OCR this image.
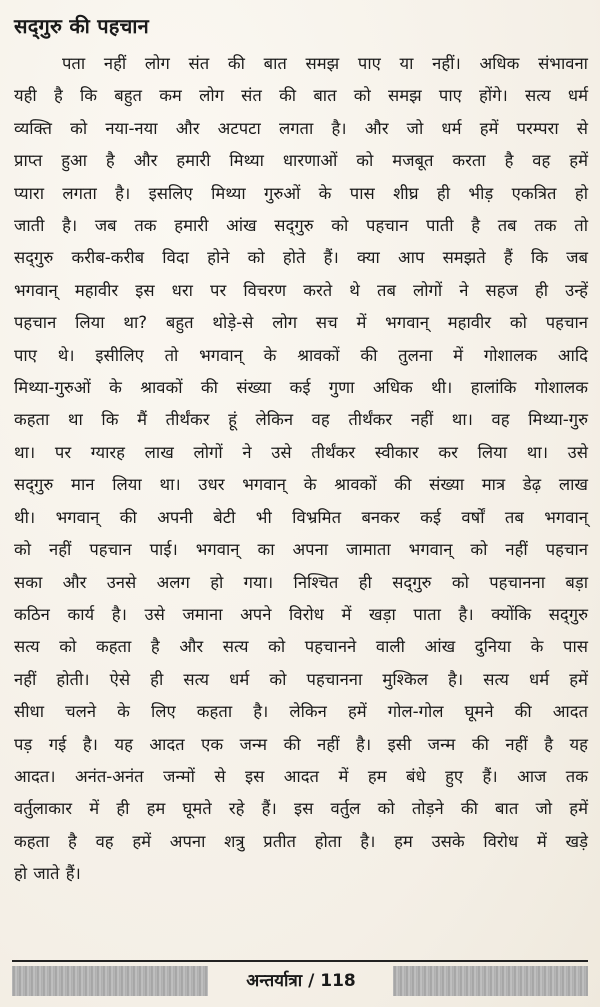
सद्‌गुरु की पहचान
पता नहीं लोग संत की बात समझ पाए या नहीं। अधिक संभावना
यही है कि बहुत कम लोग संत की बात को समझ पाए होंगे। सत्य धर्म
व्यक्ति को नया-नया और अटपटा लगता है। और जो धर्म हमें परम्परा से
प्राप्त हुआ है और हमारी मिथ्या धारणाओं को मजबूत करता है वह हमें
प्यारा लगता है। इसलिए मिथ्या गुरुओं के पास शीघ्र ही भीड़ एकत्रित हो
जाती है। जब तक हमारी आंख सद्‌गुरु को पहचान पाती है तब तक तो
सद्‌गुरु करीब-करीब विदा होने को होते हैं। क्या आप समझते हैं कि जब
भगवान् महावीर इस धरा पर विचरण करते थे तब लोगों ने सहज ही उन्हें
पहचान लिया था? बहुत थोड़े-से लोग सच में भगवान् महावीर को पहचान
पाए थे। इसीलिए तो भगवान् के श्रावकों की तुलना में गोशालक आदि
मिथ्या-गुरुओं के श्रावकों की संख्या कई गुणा अधिक थी। हालांकि गोशालक
कहता था कि मैं तीर्थंकर हूं लेकिन वह तीर्थंकर नहीं था। वह मिथ्या-गुरु
था। पर ग्यारह लाख लोगों ने उसे तीर्थंकर स्वीकार कर लिया था। उसे
सद्‌गुरु मान लिया था। उधर भगवान् के श्रावकों की संख्या मात्र डेढ़ लाख
थी। भगवान् की अपनी बेटी भी विभ्रमित बनकर कई वर्षों तब भगवान्
को नहीं पहचान पाई। भगवान् का अपना जामाता भगवान् को नहीं पहचान
सका और उनसे अलग हो गया। निश्चित ही सद्‌गुरु को पहचानना बड़ा
कठिन कार्य है। उसे जमाना अपने विरोध में खड़ा पाता है। क्योंकि सद्‌गुरु
सत्य को कहता है और सत्य को पहचानने वाली आंख दुनिया के पास
नहीं होती। ऐसे ही सत्य धर्म को पहचानना मुश्किल है। सत्य धर्म हमें
सीधा चलने के लिए कहता है। लेकिन हमें गोल-गोल घूमने की आदत
पड़ गई है। यह आदत एक जन्म की नहीं है। इसी जन्म की नहीं है यह
आदत। अनंत-अनंत जन्मों से इस आदत में हम बंधे हुए हैं। आज तक
वर्तुलाकार में ही हम घूमते रहे हैं। इस वर्तुल को तोड़ने की बात जो हमें
कहता है वह हमें अपना शत्रु प्रतीत होता है। हम उसके विरोध में खड़े
हो जाते हैं।
अन्तर्यात्रा / 118
